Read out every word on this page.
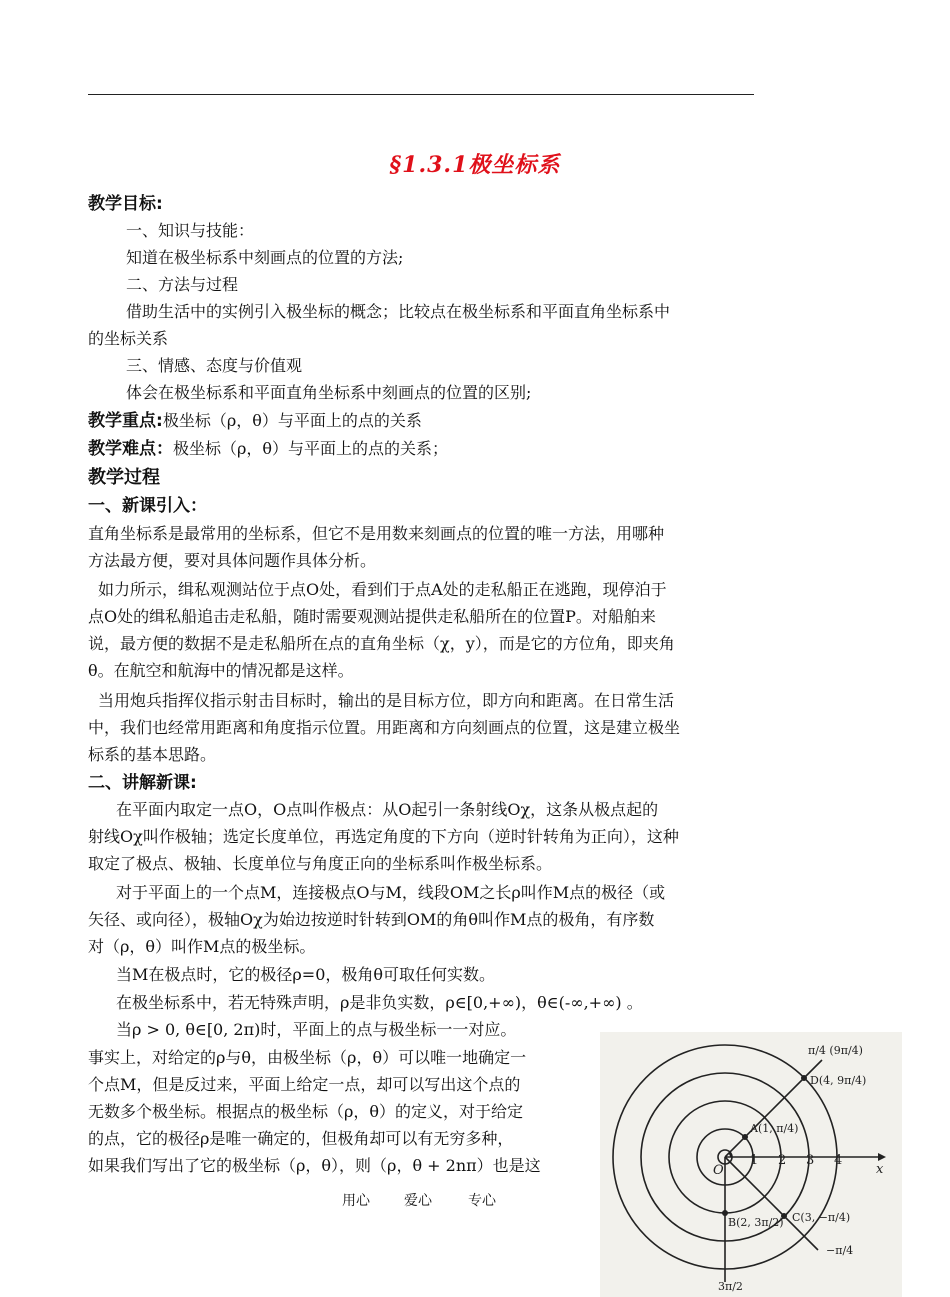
§1.3.1极坐标系
教学目标:
一、知识与技能：
知道在极坐标系中刻画点的位置的方法;
二、方法与过程
借助生活中的实例引入极坐标的概念；比较点在极坐标系和平面直角坐标系中
的坐标关系
三、情感、态度与价值观
体会在极坐标系和平面直角坐标系中刻画点的位置的区别;
教学重点:极坐标（ρ，θ）与平面上的点的关系
教学难点：极坐标（ρ，θ）与平面上的点的关系；
教学过程
一、新课引入：
直角坐标系是最常用的坐标系，但它不是用数来刻画点的位置的唯一方法，用哪种
方法最方便，要对具体问题作具体分析。
如力所示，缉私观测站位于点O处，看到们于点A处的走私船正在逃跑，现停泊于
点O处的缉私船追击走私船，随时需要观测站提供走私船所在的位置P。对船舶来
说，最方便的数据不是走私船所在点的直角坐标（χ，y），而是它的方位角，即夹角
θ。在航空和航海中的情况都是这样。
当用炮兵指挥仪指示射击目标时，输出的是目标方位，即方向和距离。在日常生活
中，我们也经常用距离和角度指示位置。用距离和方向刻画点的位置，这是建立极坐
标系的基本思路。
二、讲解新课:
在平面内取定一点O，O点叫作极点：从O起引一条射线Oχ，这条从极点起的
射线Oχ叫作极轴；选定长度单位，再选定角度的下方向（逆时针转角为正向），这种
取定了极点、极轴、长度单位与角度正向的坐标系叫作极坐标系。
对于平面上的一个点M，连接极点O与M，线段OM之长ρ叫作M点的极径（或
矢径、或向径），极轴Oχ为始边按逆时针转到OM的角θ叫作M点的极角，有序数
对（ρ，θ）叫作M点的极坐标。
当M在极点时，它的极径ρ=0，极角θ可取任何实数。
在极坐标系中，若无特殊声明，ρ是非负实数，ρ∈[0,+∞)，θ∈(-∞,+∞) 。
当ρ > 0, θ∈[0, 2π)时，平面上的点与极坐标一一对应。
事实上，对给定的ρ与θ，由极坐标（ρ，θ）可以唯一地确定一
个点M，但是反过来，平面上给定一点，却可以写出这个点的
无数多个极坐标。根据点的极坐标（ρ，θ）的定义，对于给定
的点，它的极径ρ是唯一确定的，但极角却可以有无穷多种，
如果我们写出了它的极坐标（ρ，θ），则（ρ，θ + 2nπ）也是这
用心 爱心	专心
1 2 3 4
x
O
A(1, π/4)
D(4, 9π/4)
B(2, 3π/2) C(3, −π/4)
π/4 (9π/4)
−π/4
3π/2
